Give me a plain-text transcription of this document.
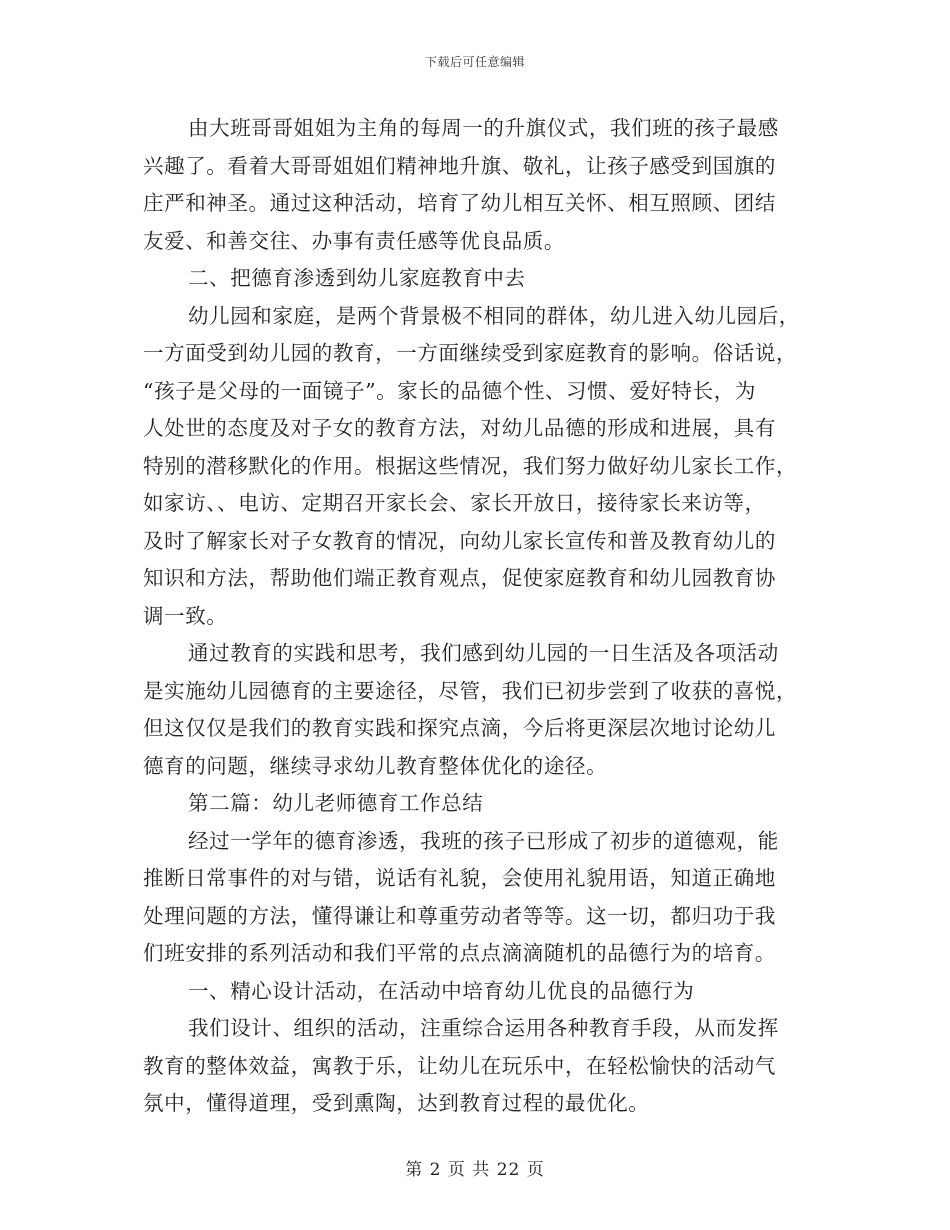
下载后可任意编辑
由大班哥哥姐姐为主角的每周一的升旗仪式，我们班的孩子最感
兴趣了。看着大哥哥姐姐们精神地升旗、敬礼，让孩子感受到国旗的
庄严和神圣。通过这种活动，培育了幼儿相互关怀、相互照顾、团结
友爱、和善交往、办事有责任感等优良品质。
二、把德育渗透到幼儿家庭教育中去
幼儿园和家庭，是两个背景极不相同的群体，幼儿进入幼儿园后，
一方面受到幼儿园的教育，一方面继续受到家庭教育的影响。俗话说，
“孩子是父母的一面镜子”。家长的品德个性、习惯、爱好特长，为
人处世的态度及对子女的教育方法，对幼儿品德的形成和进展，具有
特别的潜移默化的作用。根据这些情况，我们努力做好幼儿家长工作，
如家访、、电访、定期召开家长会、家长开放日，接待家长来访等，
及时了解家长对子女教育的情况，向幼儿家长宣传和普及教育幼儿的
知识和方法，帮助他们端正教育观点，促使家庭教育和幼儿园教育协
调一致。
通过教育的实践和思考，我们感到幼儿园的一日生活及各项活动
是实施幼儿园德育的主要途径，尽管，我们已初步尝到了收获的喜悦，
但这仅仅是我们的教育实践和探究点滴，今后将更深层次地讨论幼儿
德育的问题，继续寻求幼儿教育整体优化的途径。
第二篇：幼儿老师德育工作总结
经过一学年的德育渗透，我班的孩子已形成了初步的道德观，能
推断日常事件的对与错，说话有礼貌，会使用礼貌用语，知道正确地
处理问题的方法，懂得谦让和尊重劳动者等等。这一切，都归功于我
们班安排的系列活动和我们平常的点点滴滴随机的品德行为的培育。
一、精心设计活动，在活动中培育幼儿优良的品德行为
我们设计、组织的活动，注重综合运用各种教育手段，从而发挥
教育的整体效益，寓教于乐，让幼儿在玩乐中，在轻松愉快的活动气
氛中，懂得道理，受到熏陶，达到教育过程的最优化。
第 2 页 共 22 页
